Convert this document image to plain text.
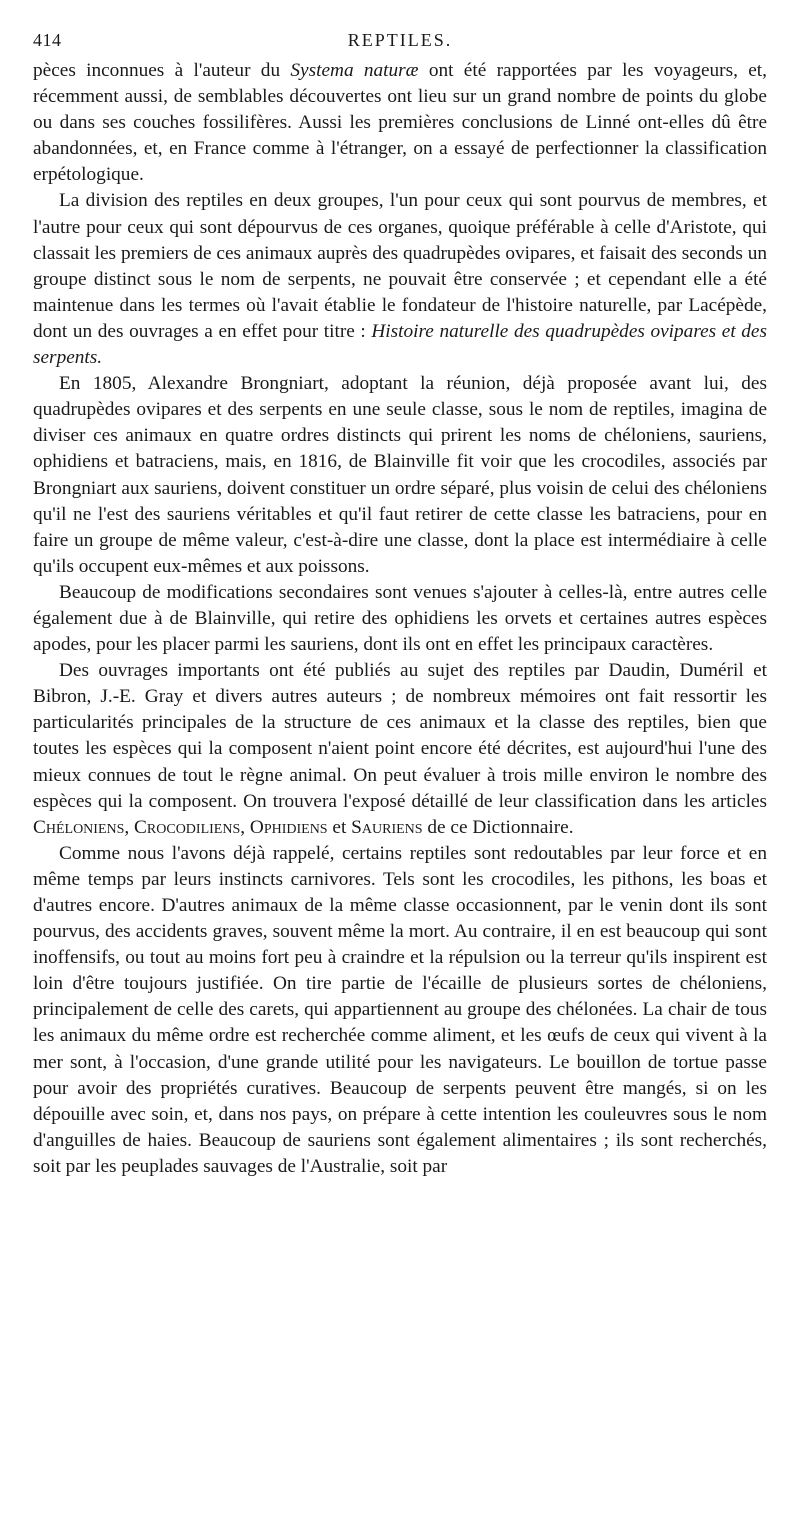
414	REPTILES.

pèces inconnues à l'auteur du Systema naturæ ont été rapportées par les voyageurs, et, récemment aussi, de semblables découvertes ont lieu sur un grand nombre de points du globe ou dans ses couches fossilifères. Aussi les premières conclusions de Linné ont-elles dû être abandonnées, et, en France comme à l'étranger, on a essayé de perfectionner la classification erpétologique.

La division des reptiles en deux groupes, l'un pour ceux qui sont pourvus de membres, et l'autre pour ceux qui sont dépourvus de ces organes, quoique préférable à celle d'Aristote, qui classait les premiers de ces animaux auprès des quadrupèdes ovipares, et faisait des seconds un groupe distinct sous le nom de serpents, ne pouvait être conservée ; et cependant elle a été maintenue dans les termes où l'avait établie le fondateur de l'histoire naturelle, par Lacépède, dont un des ouvrages a en effet pour titre : Histoire naturelle des quadrupèdes ovipares et des serpents.

En 1805, Alexandre Brongniart, adoptant la réunion, déjà proposée avant lui, des quadrupèdes ovipares et des serpents en une seule classe, sous le nom de reptiles, imagina de diviser ces animaux en quatre ordres distincts qui prirent les noms de chéloniens, sauriens, ophidiens et batraciens, mais, en 1816, de Blainville fit voir que les crocodiles, associés par Brongniart aux sauriens, doivent constituer un ordre séparé, plus voisin de celui des chéloniens qu'il ne l'est des sauriens véritables et qu'il faut retirer de cette classe les batraciens, pour en faire un groupe de même valeur, c'est-à-dire une classe, dont la place est intermédiaire à celle qu'ils occupent eux-mêmes et aux poissons.

Beaucoup de modifications secondaires sont venues s'ajouter à celles-là, entre autres celle également due à de Blainville, qui retire des ophidiens les orvets et certaines autres espèces apodes, pour les placer parmi les sauriens, dont ils ont en effet les principaux caractères.

Des ouvrages importants ont été publiés au sujet des reptiles par Daudin, Duméril et Bibron, J.-E. Gray et divers autres auteurs ; de nombreux mémoires ont fait ressortir les particularités principales de la structure de ces animaux et la classe des reptiles, bien que toutes les espèces qui la composent n'aient point encore été décrites, est aujourd'hui l'une des mieux connues de tout le règne animal. On peut évaluer à trois mille environ le nombre des espèces qui la composent. On trouvera l'exposé détaillé de leur classification dans les articles Chéloniens, Crocodiliens, Ophidiens et Sauriens de ce Dictionnaire.

Comme nous l'avons déjà rappelé, certains reptiles sont redoutables par leur force et en même temps par leurs instincts carnivores. Tels sont les crocodiles, les pithons, les boas et d'autres encore. D'autres animaux de la même classe occasionnent, par le venin dont ils sont pourvus, des accidents graves, souvent même la mort. Au contraire, il en est beaucoup qui sont inoffensifs, ou tout au moins fort peu à craindre et la répulsion ou la terreur qu'ils inspirent est loin d'être toujours justifiée. On tire partie de l'écaille de plusieurs sortes de chéloniens, principalement de celle des carets, qui appartiennent au groupe des chélonées. La chair de tous les animaux du même ordre est recherchée comme aliment, et les œufs de ceux qui vivent à la mer sont, à l'occasion, d'une grande utilité pour les navigateurs. Le bouillon de tortue passe pour avoir des propriétés curatives. Beaucoup de serpents peuvent être mangés, si on les dépouille avec soin, et, dans nos pays, on prépare à cette intention les couleuvres sous le nom d'anguilles de haies. Beaucoup de sauriens sont également alimentaires ; ils sont recherchés, soit par les peuplades sauvages de l'Australie, soit par
